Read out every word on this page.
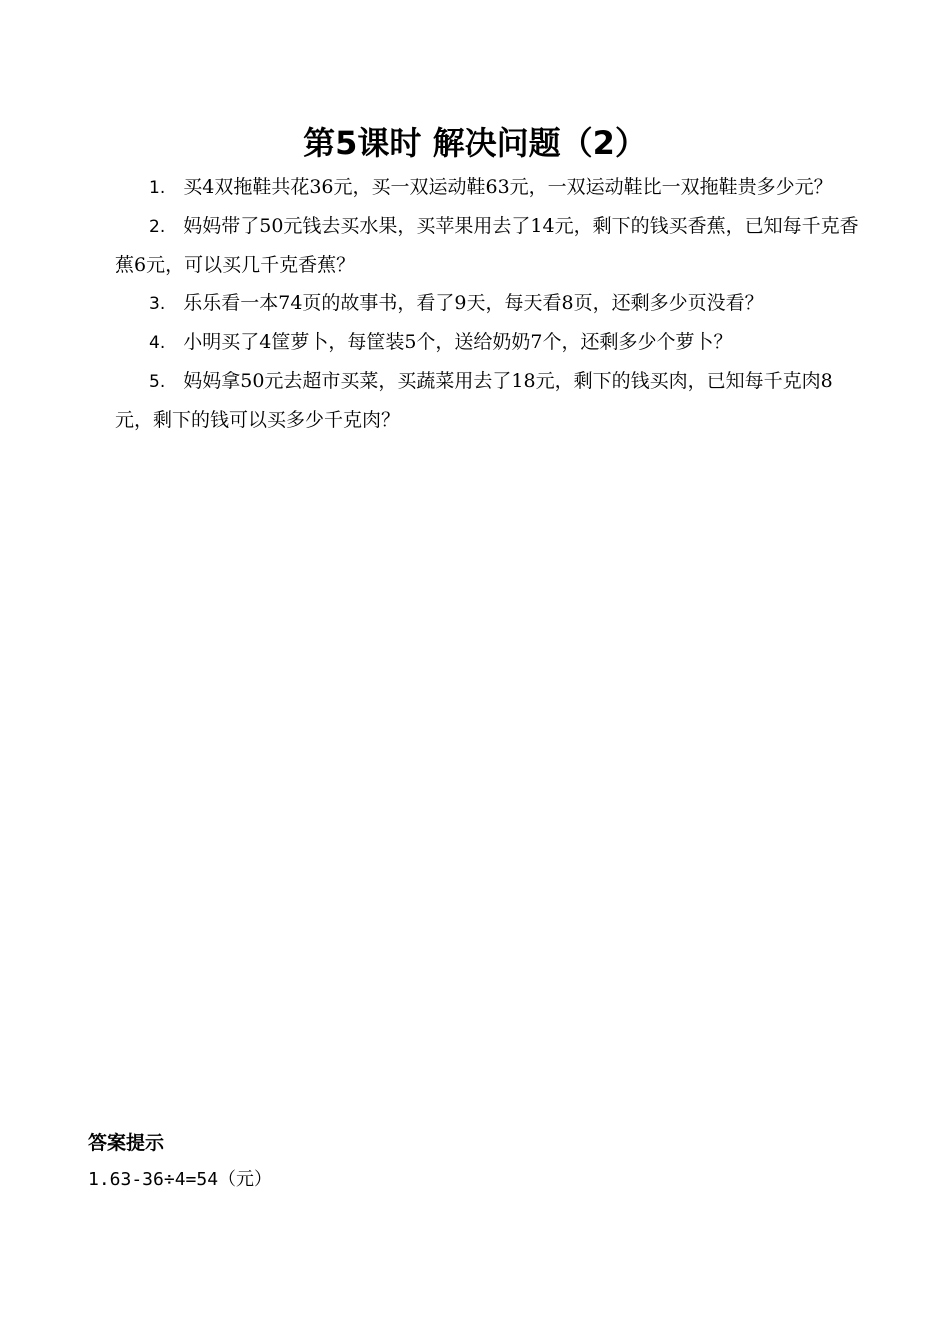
第5课时 解决问题（2）
1. 买4双拖鞋共花36元，买一双运动鞋63元，一双运动鞋比一双拖鞋贵多少元？
2. 妈妈带了50元钱去买水果，买苹果用去了14元，剩下的钱买香蕉，已知每千克香蕉6元，可以买几千克香蕉？
3. 乐乐看一本74页的故事书，看了9天，每天看8页，还剩多少页没看？
4. 小明买了4筐萝卜，每筐装5个，送给奶奶7个，还剩多少个萝卜？
5. 妈妈拿50元去超市买菜，买蔬菜用去了18元，剩下的钱买肉，已知每千克肉8元，剩下的钱可以买多少千克肉？
答案提示

1.63-36÷4=54（元）
